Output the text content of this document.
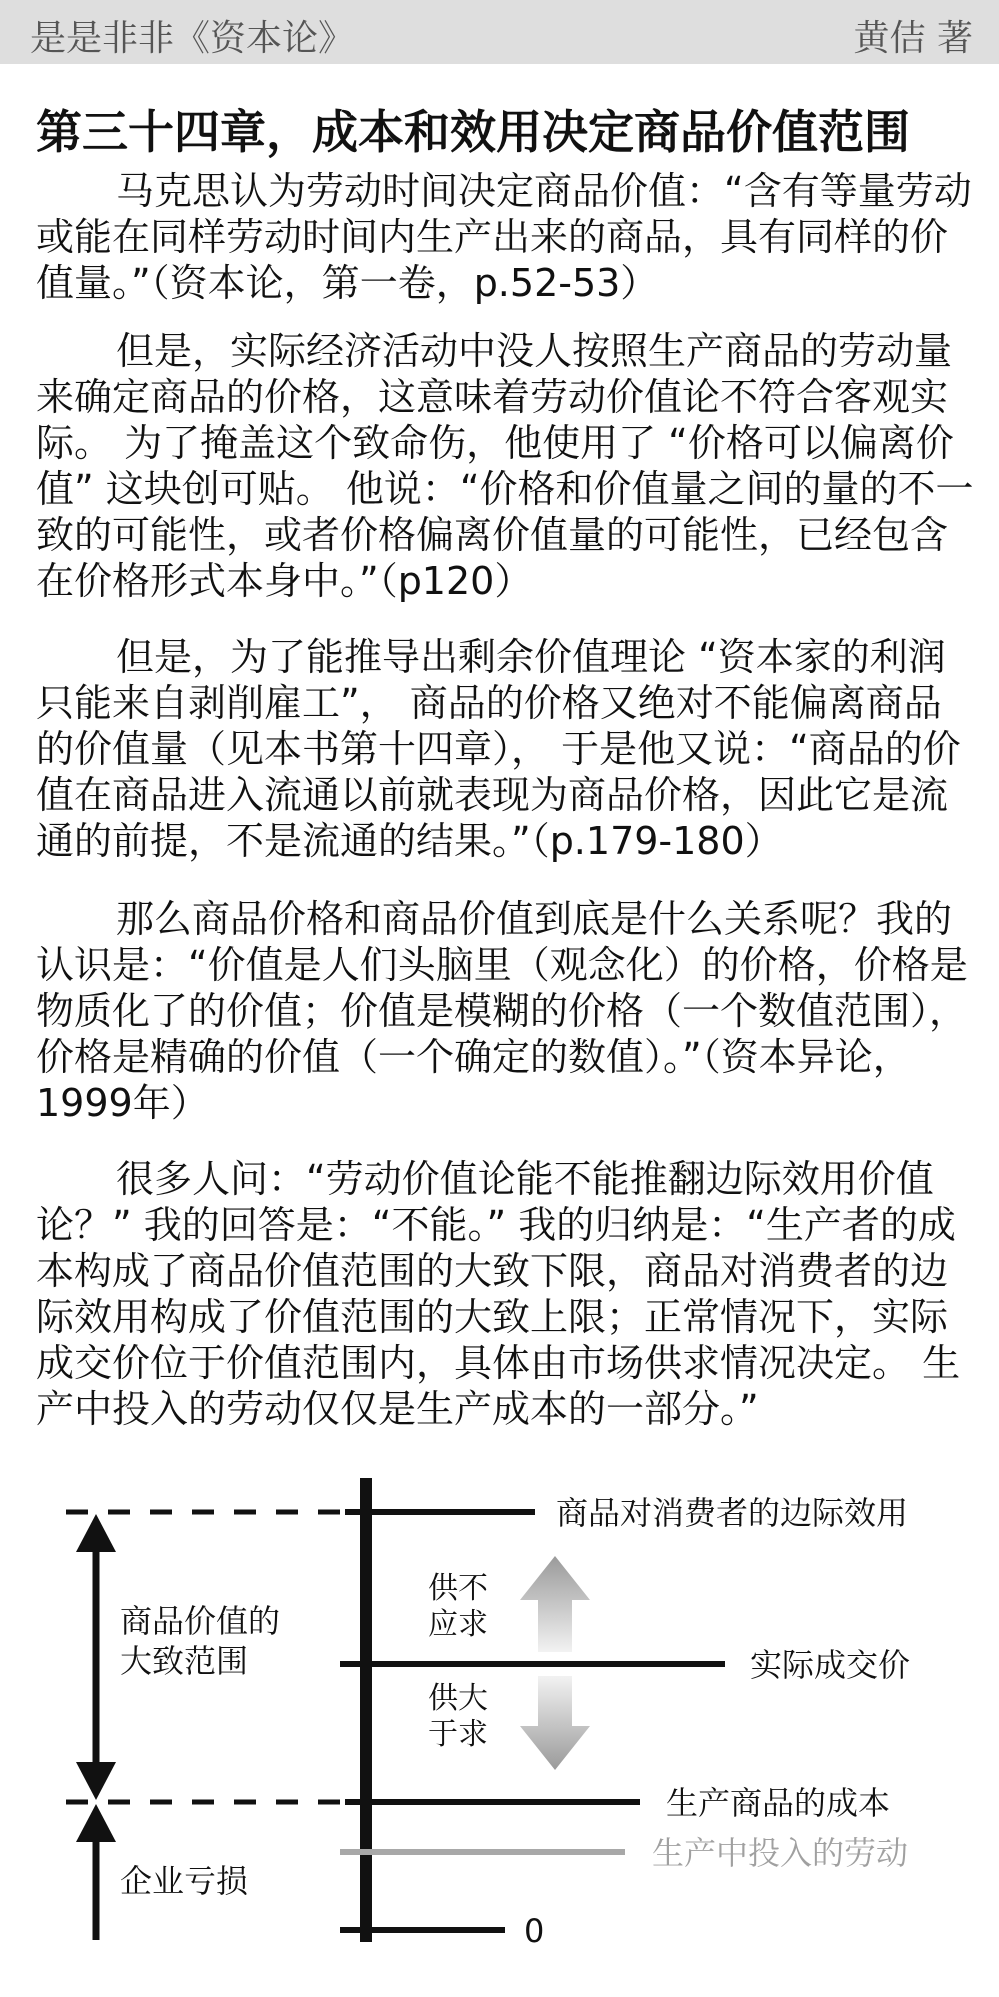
是是非非《资本论》	黄佶 著
第三十四章，成本和效用决定商品价值范围

马克思认为劳动时间决定商品价值：“含有等量劳动或能在同样劳动时间内生产出来的商品，具有同样的价值量。”（资本论，第一卷，p.52-53）

但是，实际经济活动中没人按照生产商品的劳动量来确定商品的价格，这意味着劳动价值论不符合客观实际。 为了掩盖这个致命伤，他使用了 “价格可以偏离价值” 这块创可贴。 他说：“价格和价值量之间的量的不一致的可能性，或者价格偏离价值量的可能性，已经包含在价格形式本身中。”（p120）

但是，为了能推导出剩余价值理论 “资本家的利润只能来自剥削雇工”， 商品的价格又绝对不能偏离商品的价值量（见本书第十四章）， 于是他又说：“商品的价值在商品进入流通以前就表现为商品价格，因此它是流通的前提，不是流通的结果。”（p.179-180）

那么商品价格和商品价值到底是什么关系呢？我的认识是：“价值是人们头脑里（观念化）的价格，价格是物质化了的价值；价值是模糊的价格（一个数值范围），价格是精确的价值（一个确定的数值）。”（资本异论，1999年）

很多人问：“劳动价值论能不能推翻边际效用价值论？” 我的回答是：“不能。” 我的归纳是：“生产者的成本构成了商品价值范围的大致下限，商品对消费者的边际效用构成了价值范围的大致上限；正常情况下，实际成交价位于价值范围内，具体由市场供求情况决定。 生产中投入的劳动仅仅是生产成本的一部分。”

商品对消费者的边际效用
实际成交价
生产商品的成本
生产中投入的劳动
0
商品价值的
大致范围
企业亏损
供不
应求
供大
于求
